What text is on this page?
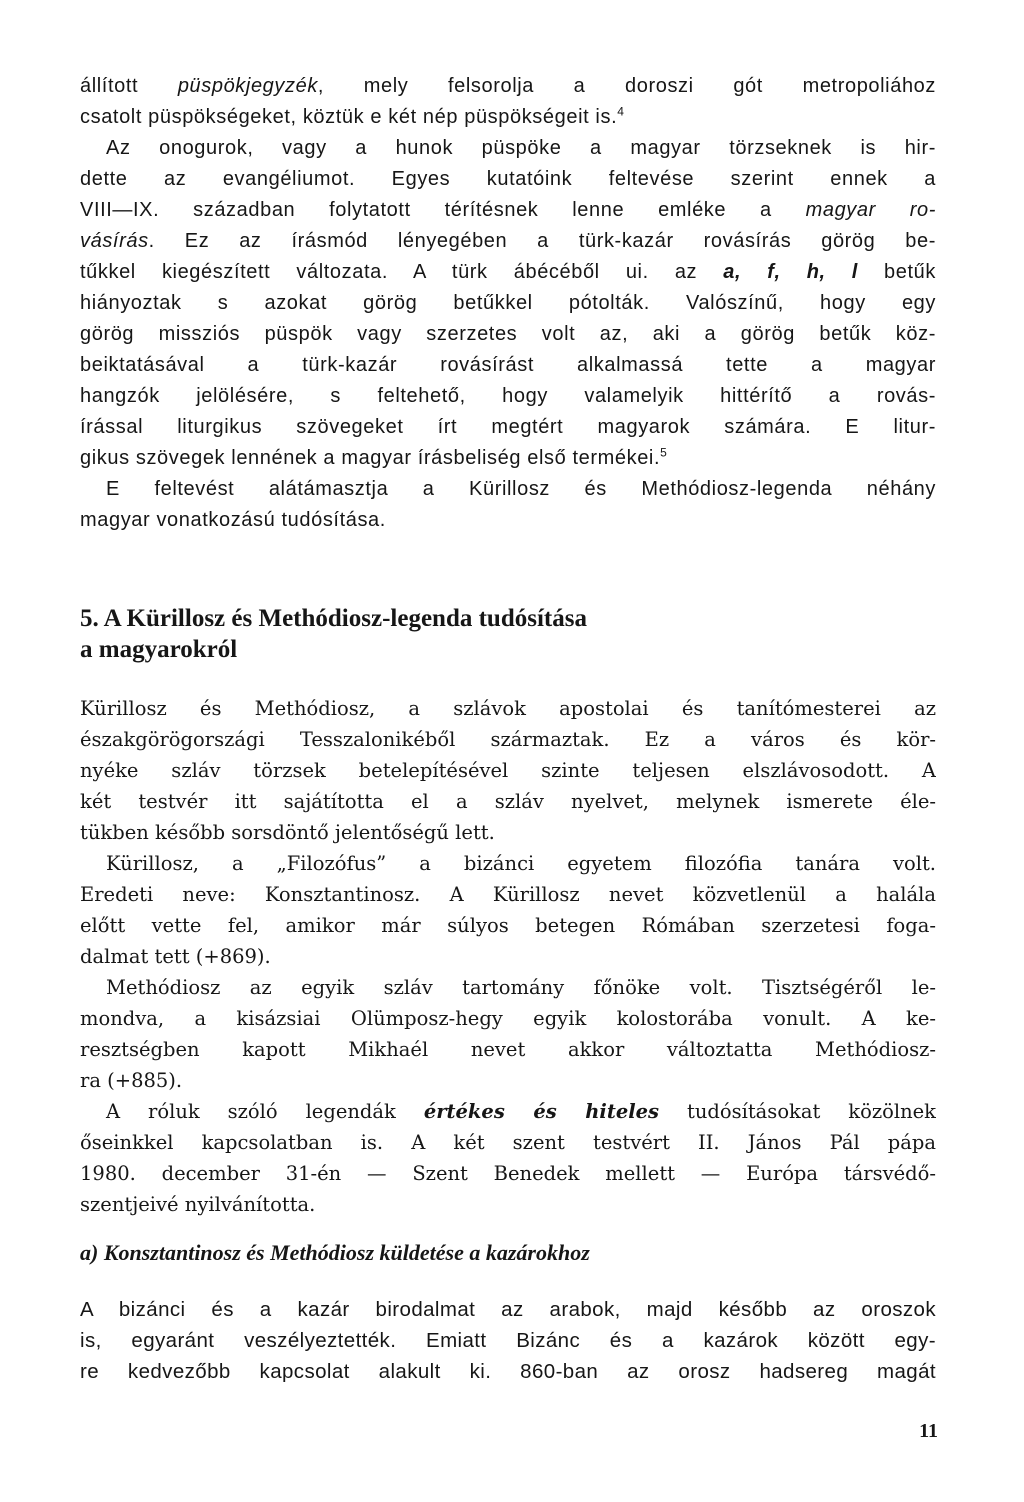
állított püspökjegyzék, mely felsorolja a doroszi gót metropoliához
csatolt püspökségeket, köztük e két nép püspökségeit is.$^4$
Az onogurok, vagy a hunok püspöke a magyar törzseknek is hir-
dette az evangéliumot. Egyes kutatóink feltevése szerint ennek a
VIII—IX. században folytatott térítésnek lenne emléke a magyar ro-
vásírás. Ez az írásmód lényegében a türk-kazár rovásírás görög be-
tűkkel kiegészített változata. A türk ábécéből ui. az a, f, h, l betűk
hiányoztak s azokat görög betűkkel pótolták. Valószínű, hogy egy
görög missziós püspök vagy szerzetes volt az, aki a görög betűk köz-
beiktatásával a türk-kazár rovásírást alkalmassá tette a magyar
hangzók jelölésére, s feltehető, hogy valamelyik hittérítő a rovás-
írással liturgikus szövegeket írt megtért magyarok számára. E litur-
gikus szövegek lennének a magyar írásbeliség első termékei.$^5$
E feltevést alátámasztja a Kürillosz és Methódiosz-legenda néhány
magyar vonatkozású tudósítása.
5. A Kürillosz és Methódiosz-legenda tudósítása
a magyarokról
Kürillosz és Methódiosz, a szlávok apostolai és tanítómesterei az
északgörögországi Tesszalonikéből származtak. Ez a város és kör-
nyéke szláv törzsek betelepítésével szinte teljesen elszlávosodott. A
két testvér itt sajátította el a szláv nyelvet, melynek ismerete éle-
tükben később sorsdöntő jelentőségű lett.
Kürillosz, a „Filozófus” a bizánci egyetem filozófia tanára volt.
Eredeti neve: Konsztantinosz. A Kürillosz nevet közvetlenül a halála
előtt vette fel, amikor már súlyos betegen Rómában szerzetesi foga-
dalmat tett (+869).
Methódiosz az egyik szláv tartomány főnöke volt. Tisztségéről le-
mondva, a kisázsiai Olümposz-hegy egyik kolostorába vonult. A ke-
resztségben kapott Mikhaél nevet akkor változtatta Methódiosz-
ra (+885).
A róluk szóló legendák értékes és hiteles tudósításokat közölnek
őseinkkel kapcsolatban is. A két szent testvért II. János Pál pápa
1980. december 31-én — Szent Benedek mellett — Európa társvédő-
szentjeivé nyilvánította.
a) Konsztantinosz és Methódiosz küldetése a kazárokhoz
A bizánci és a kazár birodalmat az arabok, majd később az oroszok
is, egyaránt veszélyeztették. Emiatt Bizánc és a kazárok között egy-
re kedvezőbb kapcsolat alakult ki. 860-ban az orosz hadsereg magát
11
